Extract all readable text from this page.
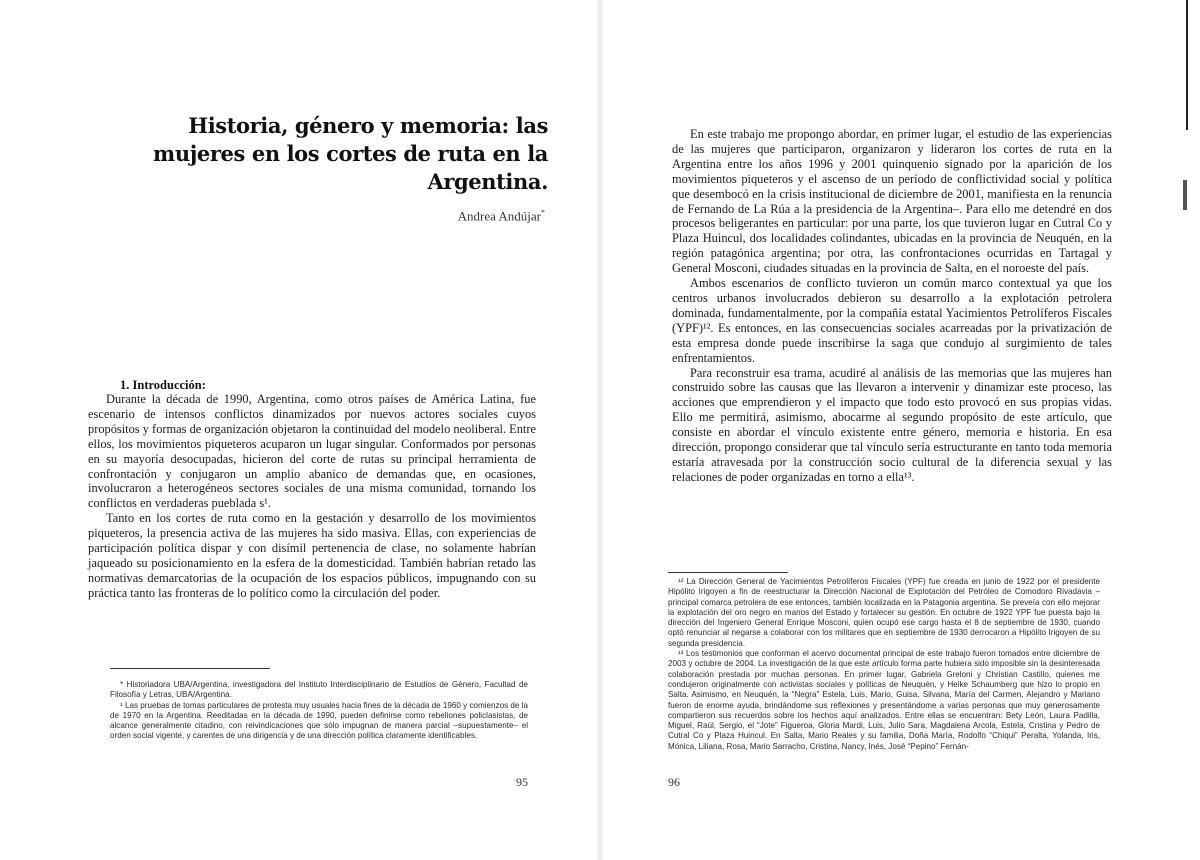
Historia, género y memoria: las mujeres en los cortes de ruta en la Argentina.
Andrea Andújar*
1. Introducción:

Durante la década de 1990, Argentina, como otros países de América Latina, fue escenario de intensos conflictos dinamizados por nuevos actores sociales cuyos propósitos y formas de organización objetaron la continuidad del modelo neoliberal. Entre ellos, los movimientos piqueteros acuparon un lugar singular. Conformados por personas en su mayoría desocupadas, hicieron del corte de rutas su principal herramienta de confrontación y conjugaron un amplio abanico de demandas que, en ocasiones, involucraron a heterogéneos sectores sociales de una misma comunidad, tornando los conflictos en verdaderas pueblada s¹.

Tanto en los cortes de ruta como en la gestación y desarrollo de los movimientos piqueteros, la presencia activa de las mujeres ha sido masiva. Ellas, con experiencias de participación política dispar y con disímil pertenencia de clase, no solamente habrían jaqueado su posicionamiento en la esfera de la domesticidad. También habrían retado las normativas demarcatorias de la ocupación de los espacios públicos, impugnando con su práctica tanto las fronteras de lo político como la circulación del poder.

* Historiadora UBA/Argentina, investigadora del Instituto Interdisciplinario de Estudios de Género, Facultad de Filosofía y Letras, UBA/Argentina.

¹ Las pruebas de tomas particulares de protesta muy usuales hacia fines de la década de 1960 y comienzos de la de 1970 en la Argentina. Reeditadas en la década de 1990, pueden definirse como rebeliones policlasistas, de alcance generalmente citadino, con reivindicaciones que sólo impugnan de manera parcial –supuestamente– el orden social vigente, y carentes de una dirigencia y de una dirección política claramente identificables.

95

En este trabajo me propongo abordar, en primer lugar, el estudio de las experiencias de las mujeres que participaron, organizaron y lideraron los cortes de ruta en la Argentina entre los años 1996 y 2001 quinquenio signado por la aparición de los movimientos piqueteros y el ascenso de un período de conflictividad social y política que desembocó en la crisis institucional de diciembre de 2001, manifiesta en la renuncia de Fernando de La Rúa a la presidencia de la Argentina–. Para ello me detendré en dos procesos beligerantes en particular: por una parte, los que tuvieron lugar en Cutral Co y Plaza Huincul, dos localidades colindantes, ubicadas en la provincia de Neuquén, en la región patagónica argentina; por otra, las confrontaciones ocurridas en Tartagal y General Mosconi, ciudades situadas en la provincia de Salta, en el noroeste del país.

Ambos escenarios de conflicto tuvieron un común marco contextual ya que los centros urbanos involucrados debieron su desarrollo a la explotación petrolera dominada, fundamentalmente, por la compañía estatal Yacimientos Petrolíferos Fiscales (YPF)¹². Es entonces, en las consecuencias sociales acarreadas por la privatización de esta empresa donde puede inscribirse la saga que condujo al surgimiento de tales enfrentamientos.

Para reconstruir esa trama, acudiré al análisis de las memorias que las mujeres han construido sobre las causas que las llevaron a intervenir y dinamizar este proceso, las acciones que emprendieron y el impacto que todo esto provocó en sus propias vidas. Ello me permitirá, asimismo, abocarme al segundo propósito de este artículo, que consiste en abordar el vínculo existente entre género, memoria e historia. En esa dirección, propongo considerar que tal vínculo sería estructurante en tanto toda memoria estaría atravesada por la construcción socio cultural de la diferencia sexual y las relaciones de poder organizadas en torno a ella¹³.

¹² La Dirección General de Yacimientos Petrolíferos Fiscales (YPF) fue creada en junio de 1922 por el presidente Hipólito Irigoyen a fin de reestructurar la Dirección Nacional de Explotación del Petróleo de Comodoro Rivadavia –principal comarca petrolera de ese entonces, también localizada en la Patagonia argentina. Se preveía con ello mejorar la explotación del oro negro en manos del Estado y fortalecer su gestión. En octubre de 1922 YPF fue puesta bajo la dirección del Ingeniero General Enrique Mosconi, quien ocupó ese cargo hasta el 8 de septiembre de 1930, cuando optó renunciar al negarse a colaborar con los militares que en septiembre de 1930 derrocaron a Hipólito Irigoyen de su segunda presidencia.

¹³ Los testimonios que conforman el acervo documental principal de este trabajo fueron tomados entre diciembre de 2003 y octubre de 2004. La investigación de la que este artículo forma parte hubiera sido imposible sin la desinteresada colaboración prestada por muchas personas. En primer lugar, Gabriela Greloni y Christian Castillo, quienes me condujeron originalmente con activistas sociales y políticas de Neuquén, y Heike Schaumberg que hizo lo propio en Salta. Asimismo, en Neuquén, la “Negra” Estela, Luis, Mario, Guisa, Silvana, María del Carmen, Alejandro y Mariano fueron de enorme ayuda, brindándome sus reflexiones y presentándome a varias personas que muy generosamente compartieron sus recuerdos sobre los hechos aquí analizados. Entre ellas se encuentran: Bety León, Laura Padilla, Miguel, Raúl, Sergio, el “Jote” Figueroa, Gloria Mardi, Luis, Julio Sara, Magdalena Arcola, Estela, Cristina y Pedro de Cutral Co y Plaza Huincul. En Salta, Mario Reales y su familia, Doña María, Rodolfo “Chiqui” Peralta, Yolanda, Iris, Mónica, Liliana, Rosa, Mario Sarracho, Cristina, Nancy, Inés, José “Pepino” Fernán-

96
